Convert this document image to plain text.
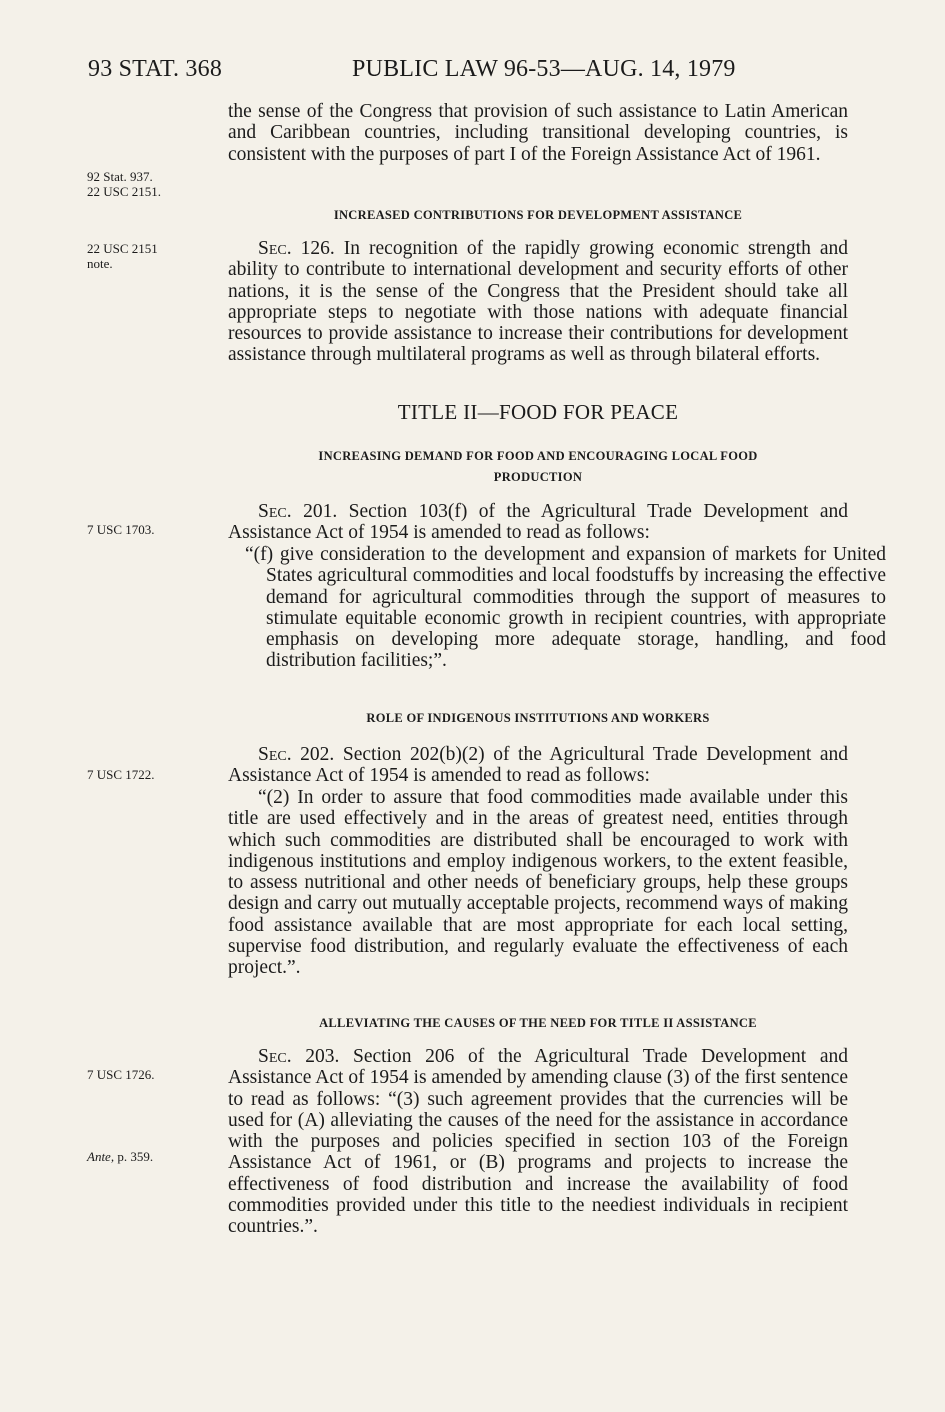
93 STAT. 368	PUBLIC LAW 96-53—AUG. 14, 1979
92 Stat. 937.
22 USC 2151.
22 USC 2151
note.
7 USC 1703.
7 USC 1722.
7 USC 1726.
Ante, p. 359.
the sense of the Congress that provision of such assistance to Latin American and Caribbean countries, including transitional developing countries, is consistent with the purposes of part I of the Foreign Assistance Act of 1961.
INCREASED CONTRIBUTIONS FOR DEVELOPMENT ASSISTANCE
Sec. 126. In recognition of the rapidly growing economic strength and ability to contribute to international development and security efforts of other nations, it is the sense of the Congress that the President should take all appropriate steps to negotiate with those nations with adequate financial resources to provide assistance to increase their contributions for development assistance through multilateral programs as well as through bilateral efforts.
TITLE II—FOOD FOR PEACE
INCREASING DEMAND FOR FOOD AND ENCOURAGING LOCAL FOOD
PRODUCTION
Sec. 201. Section 103(f) of the Agricultural Trade Development and Assistance Act of 1954 is amended to read as follows:
“(f) give consideration to the development and expansion of markets for United States agricultural commodities and local foodstuffs by increasing the effective demand for agricultural commodities through the support of measures to stimulate equitable economic growth in recipient countries, with appropriate emphasis on developing more adequate storage, handling, and food distribution facilities;”.
ROLE OF INDIGENOUS INSTITUTIONS AND WORKERS
Sec. 202. Section 202(b)(2) of the Agricultural Trade Development and Assistance Act of 1954 is amended to read as follows:
“(2) In order to assure that food commodities made available under this title are used effectively and in the areas of greatest need, entities through which such commodities are distributed shall be encouraged to work with indigenous institutions and employ indigenous workers, to the extent feasible, to assess nutritional and other needs of beneficiary groups, help these groups design and carry out mutually acceptable projects, recommend ways of making food assistance available that are most appropriate for each local setting, supervise food distribution, and regularly evaluate the effectiveness of each project.”.
ALLEVIATING THE CAUSES OF THE NEED FOR TITLE II ASSISTANCE
Sec. 203. Section 206 of the Agricultural Trade Development and Assistance Act of 1954 is amended by amending clause (3) of the first sentence to read as follows: “(3) such agreement provides that the currencies will be used for (A) alleviating the causes of the need for the assistance in accordance with the purposes and policies specified in section 103 of the Foreign Assistance Act of 1961, or (B) programs and projects to increase the effectiveness of food distribution and increase the availability of food commodities provided under this title to the neediest individuals in recipient countries.”.
